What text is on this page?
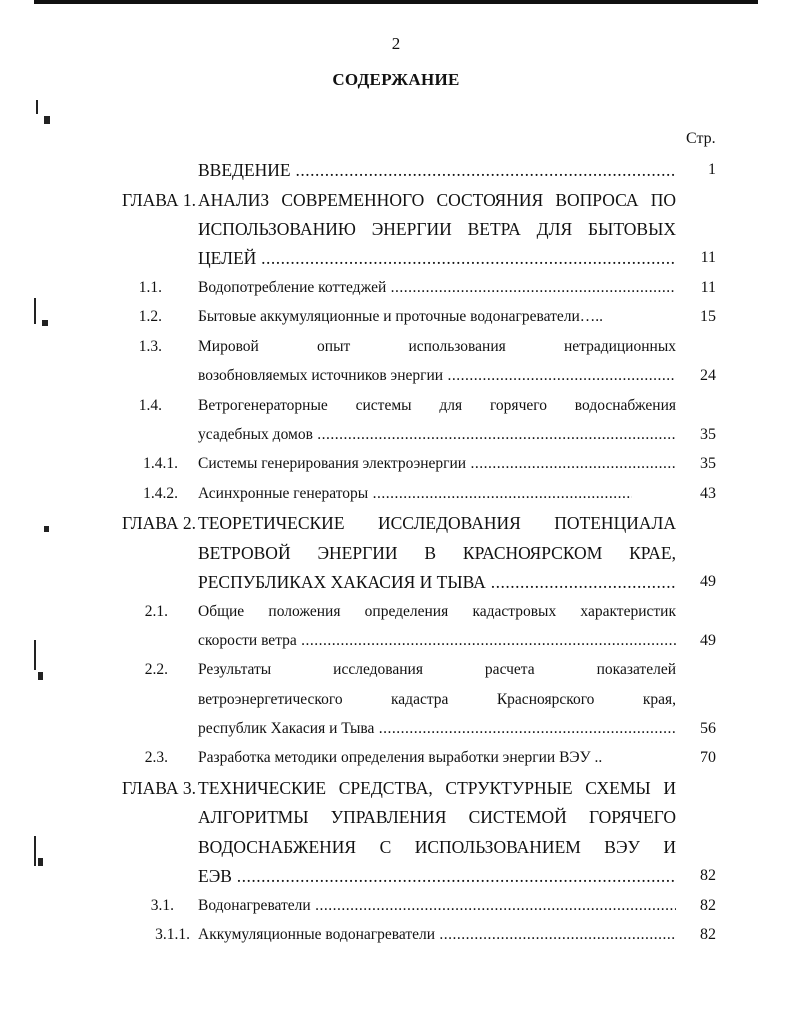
2
СОДЕРЖАНИЕ
Стр.
ВВЕДЕНИЕ .....	1
ГЛАВА 1. АНАЛИЗ СОВРЕМЕННОГО СОСТОЯНИЯ ВОПРОСА ПО
ИСПОЛЬЗОВАНИЮ ЭНЕРГИИ ВЕТРА ДЛЯ БЫТОВЫХ
ЦЕЛЕЙ .....	11
1.1. Водопотребление коттеджей .....	11
1.2. Бытовые аккумуляционные и проточные водонагреватели…..	15
1.3. Мировой опыт использования нетрадиционных
возобновляемых источников энергии .....	24
1.4. Ветрогенераторные системы для горячего водоснабжения
усадебных домов .....	35
1.4.1. Системы генерирования электроэнергии .....	35
1.4.2. Асинхронные генераторы .....	43
ГЛАВА 2. ТЕОРЕТИЧЕСКИЕ ИССЛЕДОВАНИЯ ПОТЕНЦИАЛА
ВЕТРОВОЙ ЭНЕРГИИ В КРАСНОЯРСКОМ КРАЕ,
РЕСПУБЛИКАХ ХАКАСИЯ И ТЫВА .....	49
2.1. Общие положения определения кадастровых характеристик
скорости ветра .....	49
2.2. Результаты исследования расчета показателей
ветроэнергетического кадастра Красноярского края,
республик Хакасия и Тыва .....	56
2.3. Разработка методики определения выработки энергии ВЭУ ..	70
ГЛАВА 3. ТЕХНИЧЕСКИЕ СРЕДСТВА, СТРУКТУРНЫЕ СХЕМЫ И
АЛГОРИТМЫ УПРАВЛЕНИЯ СИСТЕМОЙ ГОРЯЧЕГО
ВОДОСНАБЖЕНИЯ С ИСПОЛЬЗОВАНИЕМ ВЭУ И
ЕЭВ .....	82
3.1. Водонагреватели .....	82
3.1.1. Аккумуляционные водонагреватели .....	82
